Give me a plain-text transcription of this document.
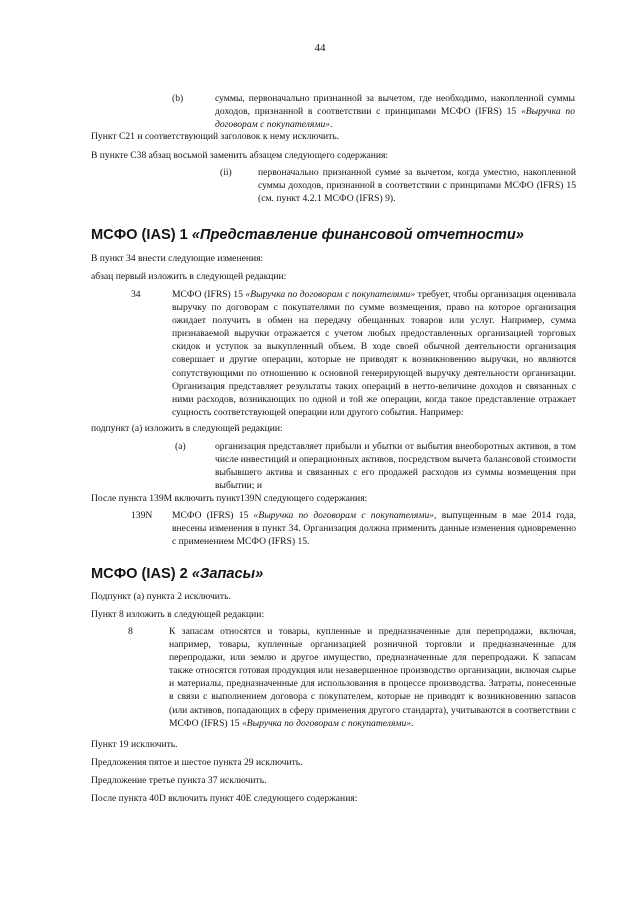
44
(b)	суммы, первоначально признанной за вычетом, где необходимо, накопленной суммы доходов, признанной в соответствии с принципами МСФО (IFRS) 15 «Выручка по договорам с покупателями».

Пункт С21 и соответствующий заголовок к нему исключить.

В пункте С38 абзац восьмой заменить абзацем следующего содержания:

(ii)	первоначально признанной сумме за вычетом, когда уместно, накопленной суммы доходов, признанной в соответствии с принципами МСФО (IFRS) 15 (см. пункт 4.2.1 МСФО (IFRS) 9).

МСФО (IAS) 1 «Представление финансовой отчетности»

В пункт 34 внести следующие изменения:

абзац первый изложить в следующей редакции:

34	МСФО (IFRS) 15 «Выручка по договорам с покупателями» требует, чтобы организация оценивала выручку по договорам с покупателями по сумме возмещения, право на которое организация ожидает получить в обмен на передачу обещанных товаров или услуг. Например, сумма признаваемой выручки отражается с учетом любых предоставленных организацией торговых скидок и уступок за выкупленный объем. В ходе своей обычной деятельности организация совершает и другие операции, которые не приводят к возникновению выручки, но являются сопутствующими по отношению к основной генерирующей выручку деятельности организации. Организация представляет результаты таких операций в нетто-величине доходов и связанных с ними расходов, возникающих по одной и той же операции, когда такое представление отражает сущность соответствующей операции или другого события. Например:

подпункт (а) изложить в следующей редакции:

(а)	организация представляет прибыли и убытки от выбытия внеоборотных активов, в том числе инвестиций и операционных активов, посредством вычета балансовой стоимости выбывшего актива и связанных с его продажей расходов из суммы возмещения при выбытии; и

После пункта 139М включить пункт139N следующего содержания:

139N МСФО (IFRS) 15 «Выручка по договорам с покупателями», выпущенным в мае 2014 года, внесены изменения в пункт 34. Организация должна применить данные изменения одновременно с применением МСФО (IFRS) 15.

МСФО (IAS) 2 «Запасы»

Подпункт (а) пункта 2 исключить.

Пункт 8 изложить в следующей редакции:

8	К запасам относятся и товары, купленные и предназначенные для перепродажи, включая, например, товары, купленные организацией розничной торговли и предназначенные для перепродажи, или землю и другое имущество, предназначенные для перепродажи. К запасам также относятся готовая продукция или незавершенное производство организации, включая сырье и материалы, предназначенные для использования в процессе производства. Затраты, понесенные в связи с выполнением договора с покупателем, которые не приводят к возникновению запасов (или активов, попадающих в сферу применения другого стандарта), учитываются в соответствии с МСФО (IFRS) 15 «Выручка по договорам с покупателями».

Пункт 19 исключить.

Предложения пятое и шестое пункта 29 исключить.

Предложение третье пункта 37 исключить.

После пункта 40D включить пункт 40Е следующего содержания:
